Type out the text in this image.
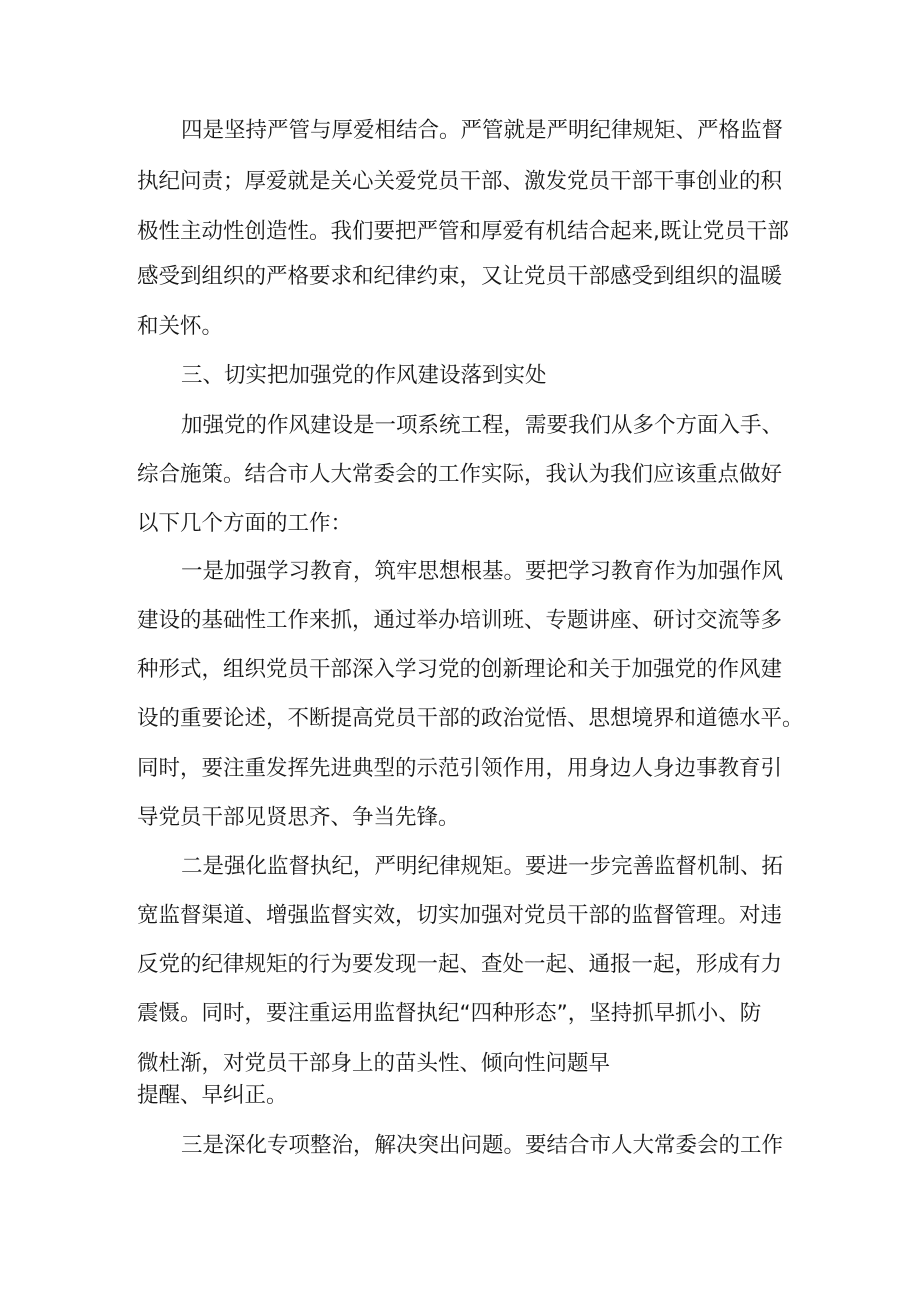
四是坚持严管与厚爱相结合。严管就是严明纪律规矩、严格监督

执纪问责；厚爱就是关心关爱党员干部、激发党员干部干事创业的积

极性主动性创造性。我们要把严管和厚爱有机结合起来,既让党员干部

感受到组织的严格要求和纪律约束，又让党员干部感受到组织的温暖

和关怀。

三、切实把加强党的作风建设落到实处

加强党的作风建设是一项系统工程，需要我们从多个方面入手、

综合施策。结合市人大常委会的工作实际，我认为我们应该重点做好

以下几个方面的工作：

一是加强学习教育，筑牢思想根基。要把学习教育作为加强作风

建设的基础性工作来抓，通过举办培训班、专题讲座、研讨交流等多

种形式，组织党员干部深入学习党的创新理论和关于加强党的作风建

设的重要论述，不断提高党员干部的政治觉悟、思想境界和道德水平。

同时，要注重发挥先进典型的示范引领作用，用身边人身边事教育引

导党员干部见贤思齐、争当先锋。

二是强化监督执纪，严明纪律规矩。要进一步完善监督机制、拓

宽监督渠道、增强监督实效，切实加强对党员干部的监督管理。对违

反党的纪律规矩的行为要发现一起、查处一起、通报一起，形成有力

震慑。同时，要注重运用监督执纪“四种形态”，坚持抓早抓小、防

微杜渐，对党员干部身上的苗头性、倾向性问题早

提醒、早纠正。

三是深化专项整治，解决突出问题。要结合市人大常委会的工作
